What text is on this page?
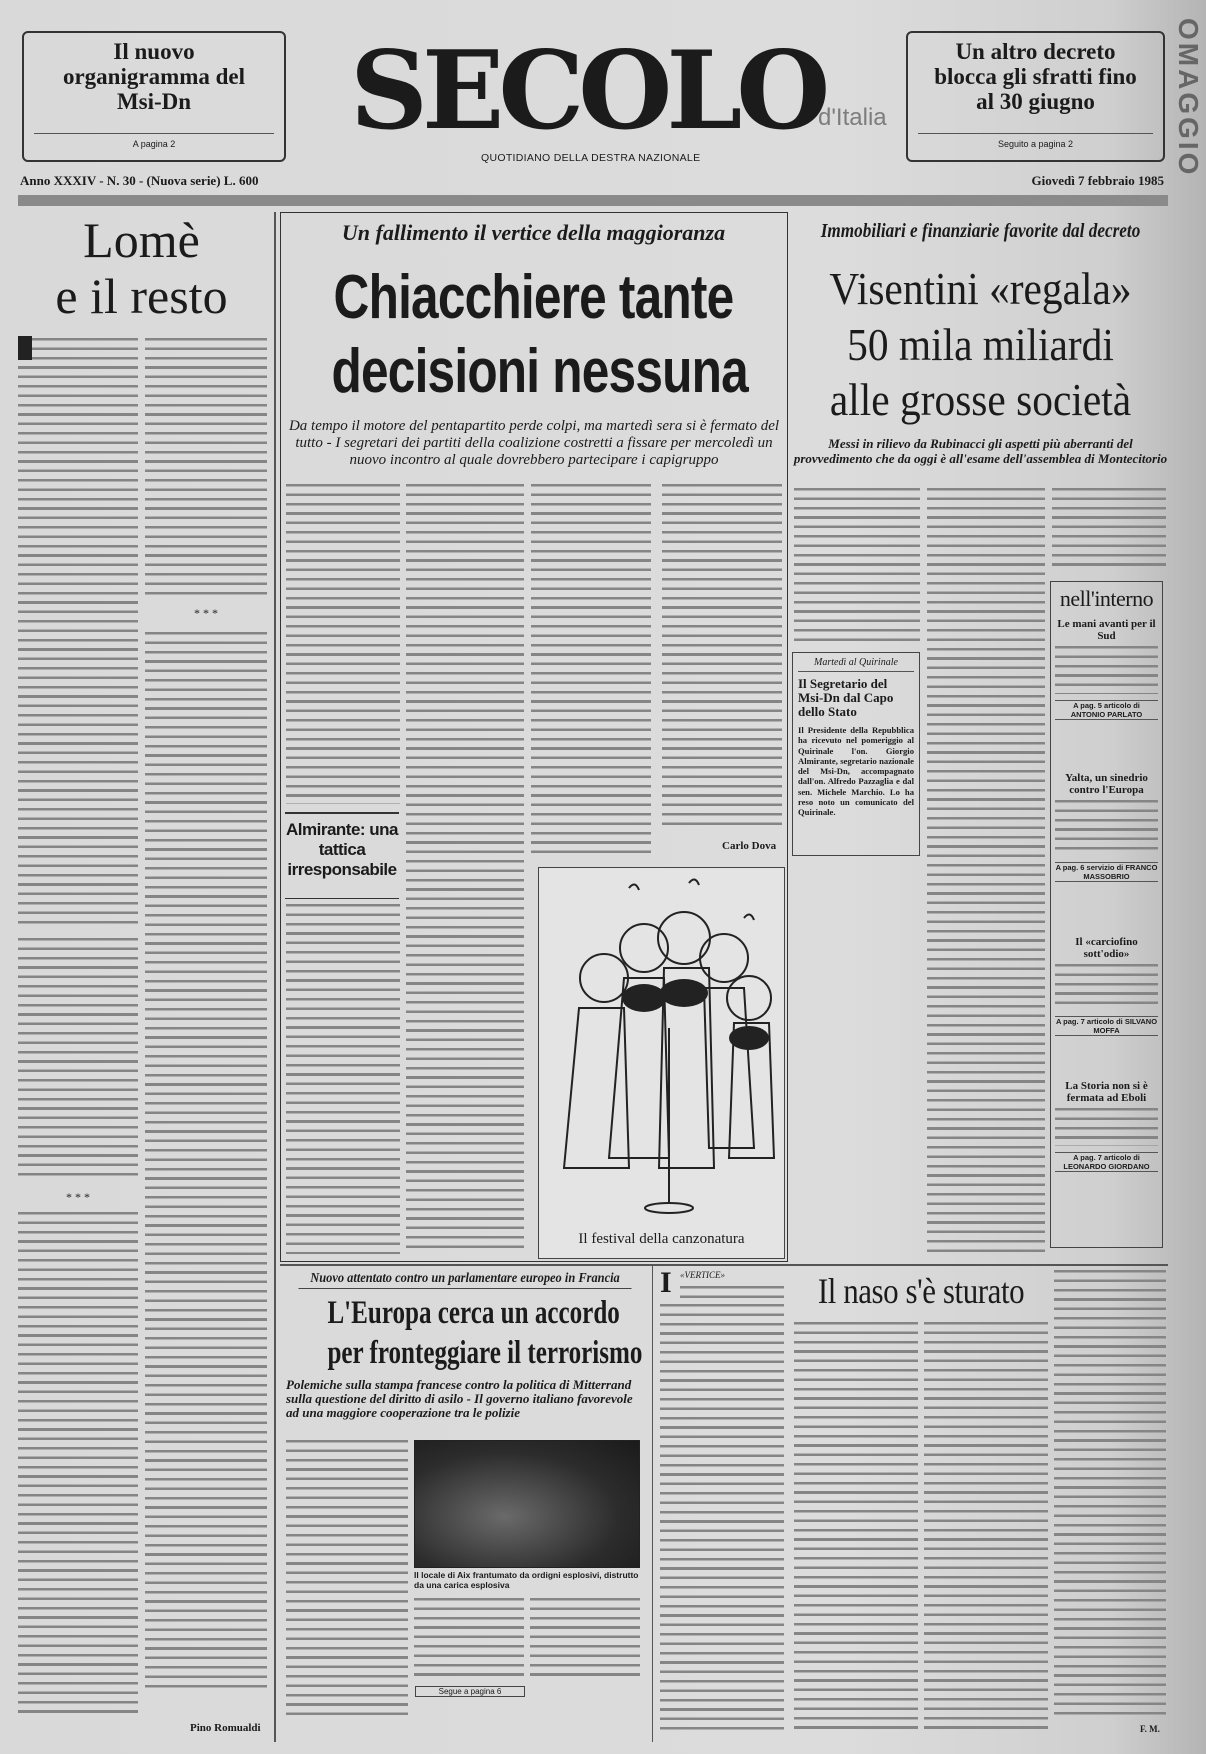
Il nuovo organigramma del Msi-Dn
A pagina 2	SECOLO
d'Italia
QUOTIDIANO DELLA DESTRA NAZIONALE
Un altro decreto blocca gli sfratti fino al 30 giugno
Seguito a pagina 2	OMAGGIO
Anno XXXIV - N. 30 - (Nuova serie) L. 600	Giovedì 7 febbraio 1985
Lomè
e il resto
* * *
* * *
Pino Romualdi
Un fallimento il vertice della maggioranza
Chiacchiere tante
decisioni nessuna
Da tempo il motore del pentapartito perde colpi, ma martedì sera si è fermato del tutto - I segretari dei partiti della coalizione costretti a fissare per mercoledì un nuovo incontro al quale dovrebbero partecipare i capigruppo
Carlo Dova
Almirante: una tattica irresponsabile
Il festival della canzonatura
Immobiliari e finanziarie favorite dal decreto
Visentini «regala»
50 mila miliardi
alle grosse società
Messi in rilievo da Rubinacci gli aspetti più aberranti del provvedimento che da oggi è all'esame dell'assemblea di Montecitorio
Martedì al Quirinale
Il Segretario del Msi-Dn dal Capo dello Stato
Il Presidente della Repubblica ha ricevuto nel pomeriggio al Quirinale l'on. Giorgio Almirante, segretario nazionale del Msi-Dn, accompagnato dall'on. Alfredo Pazzaglia e dal sen. Michele Marchio. Lo ha reso noto un comunicato del Quirinale.
nell'interno
Le mani avanti per il Sud
A pag. 5 articolo di ANTONIO PARLATO
Yalta, un sinedrio contro l'Europa
A pag. 6 servizio di FRANCO MASSOBRIO
Il «carciofino sott'odio»
A pag. 7 articolo di SILVANO MOFFA
La Storia non si è fermata ad Eboli
A pag. 7 articolo di LEONARDO GIORDANO
Nuovo attentato contro un parlamentare europeo in Francia
L'Europa cerca un accordo
per fronteggiare il terrorismo
Polemiche sulla stampa francese contro la politica di Mitterrand sulla questione del diritto di asilo - Il governo italiano favorevole ad una maggiore cooperazione tra le polizie
Il locale di Aix frantumato da ordigni esplosivi, distrutto da una carica esplosiva
Segue a pagina 6
I «VERTICE»	Il naso s'è sturato
F. M.
